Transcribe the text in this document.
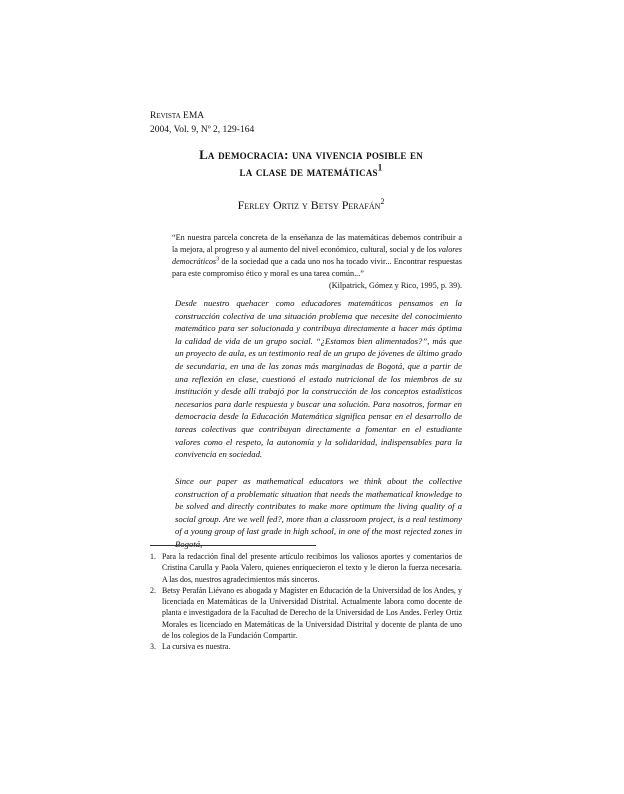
Revista EMA
2004, Vol. 9, Nº 2, 129-164
La democracia: una vivencia posible en
la clase de matemáticas$^1$
Ferley Ortiz y Betsy Perafán$^2$
“En nuestra parcela concreta de la enseñanza de las matemáticas debemos contribuir a la mejora, al progreso y al aumento del nivel económico, cultural, social y de los valores democráticos$^3$ de la sociedad que a cada uno nos ha tocado vivir... Encontrar respuestas para este compromiso ético y moral es una tarea común...”
(Kilpatrick, Gómez y Rico, 1995, p. 39).
Desde nuestro quehacer como educadores matemáticos pensamos en la construcción colectiva de una situación problema que necesite del conocimiento matemático para ser solucionada y contribuya directamente a hacer más óptima la calidad de vida de un grupo social. “¿Estamos bien alimentados?”, más que un proyecto de aula, es un testimonio real de un grupo de jóvenes de último grado de secundaria, en una de las zonas más marginadas de Bogotá, que a partir de una reflexión en clase, cuestionó el estado nutricional de los miembros de su institución y desde allí trabajó por la construcción de los conceptos estadísticos necesarios para darle respuesta y buscar una solución. Para nosotros, formar en democracia desde la Educación Matemática significa pensar en el desarrollo de tareas colectivas que contribuyan directamente a fomentar en el estudiante valores como el respeto, la autonomía y la solidaridad, indispensables para la convivencia en sociedad.
Since our paper as mathematical educators we think about the collective construction of a problematic situation that needs the mathematical knowledge to be solved and directly contributes to make more optimum the living quality of a social group. Are we well fed?, more than a classroom project, is a real testimony of a young group of last grade in high school, in one of the most rejected zones in Bogotá,
1. Para la redacción final del presente artículo recibimos los valiosos aportes y comentarios de Cristina Carulla y Paola Valero, quienes enriquecieron el texto y le dieron la fuerza necesaria. A las dos, nuestros agradecimientos más sinceros.
2. Betsy Perafán Liévano es abogada y Magíster en Educación de la Universidad de los Andes, y licenciada en Matemáticas de la Universidad Distrital. Actualmente labora como docente de planta e investigadora de la Facultad de Derecho de la Universidad de Los Andes. Ferley Ortiz Morales es licenciado en Matemáticas de la Universidad Distrital y docente de planta de uno de los colegios de la Fundación Compartir.
3. La cursiva es nuestra.
